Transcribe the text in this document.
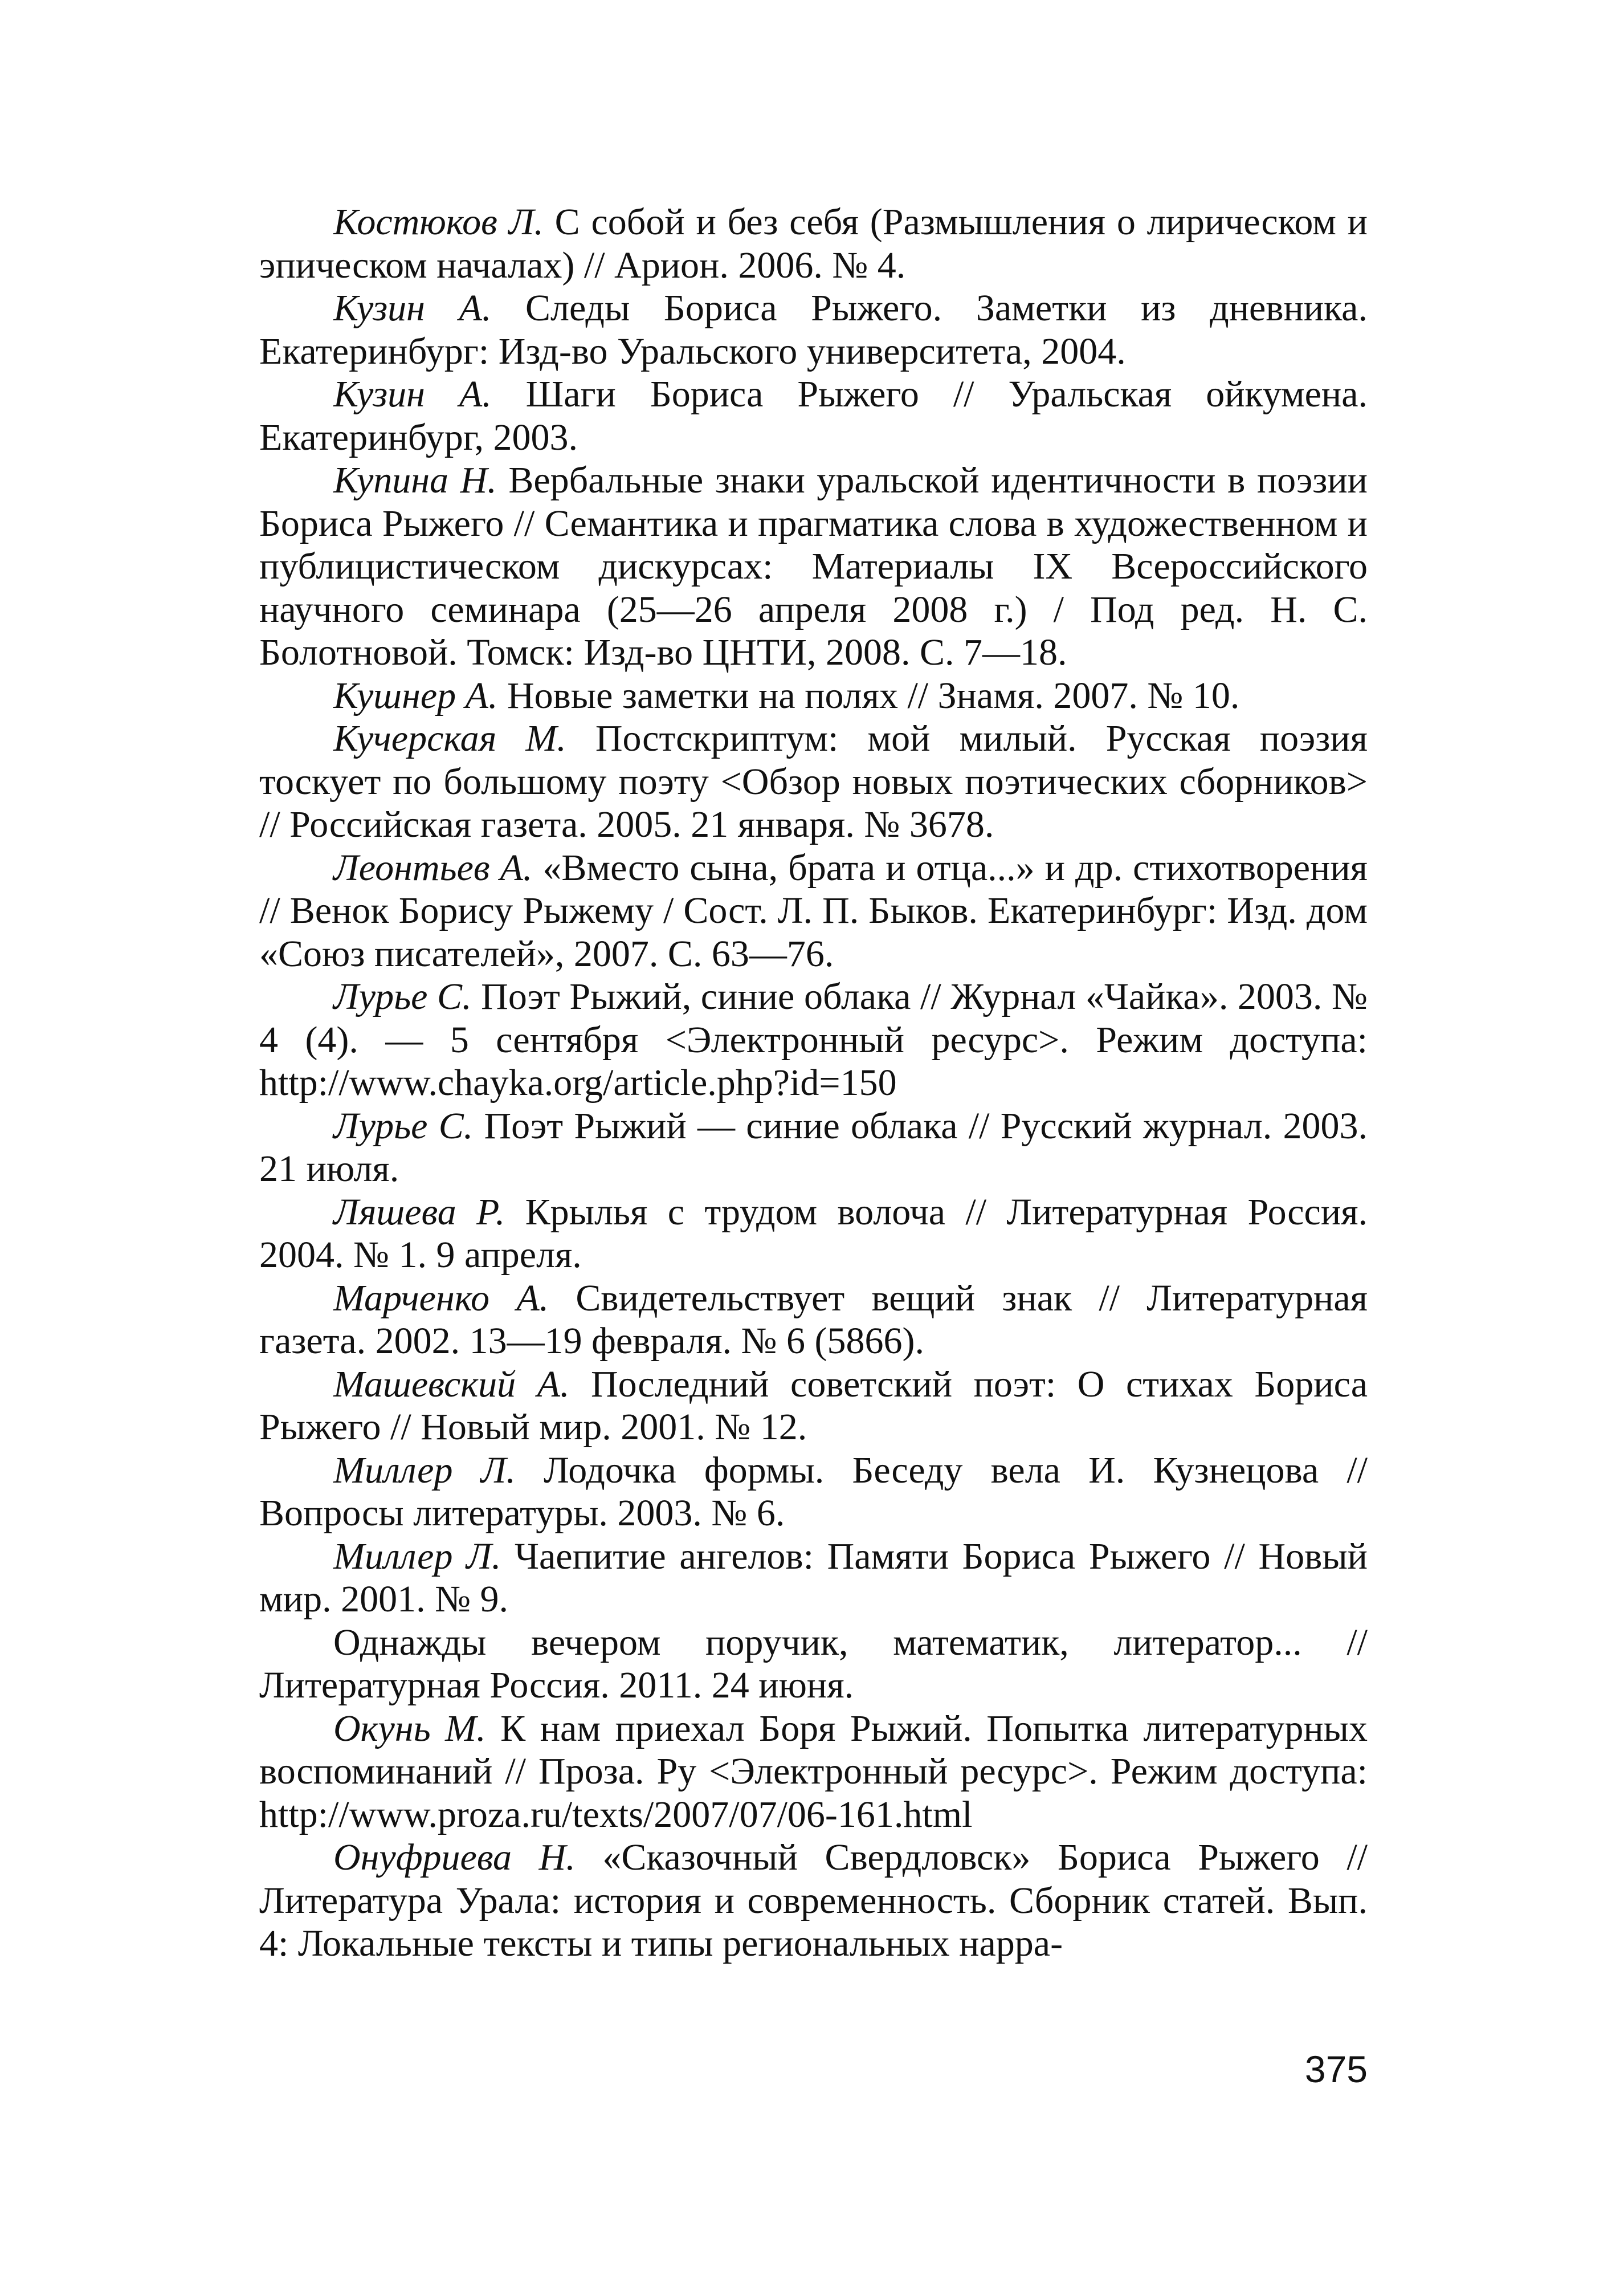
Костюков Л. С собой и без себя (Размышления о лирическом и эпическом началах) // Арион. 2006. № 4.

Кузин А. Следы Бориса Рыжего. Заметки из дневника. Екатеринбург: Изд-во Уральского университета, 2004.

Кузин А. Шаги Бориса Рыжего // Уральская ойкумена. Екатеринбург, 2003.

Купина Н. Вербальные знаки уральской идентичности в поэзии Бориса Рыжего // Семантика и прагматика слова в художественном и публицистическом дискурсах: Материалы IX Всероссийского научного семинара (25—26 апреля 2008 г.) / Под ред. Н. С. Болотновой. Томск: Изд-во ЦНТИ, 2008. С. 7—18.

Кушнер А. Новые заметки на полях // Знамя. 2007. № 10.

Кучерская М. Постскриптум: мой милый. Русская поэзия тоскует по большому поэту <Обзор новых поэтических сборников> // Российская газета. 2005. 21 января. № 3678.

Леонтьев А. «Вместо сына, брата и отца...» и др. стихотворения // Венок Борису Рыжему / Сост. Л. П. Быков. Екатеринбург: Изд. дом «Союз писателей», 2007. С. 63—76.

Лурье С. Поэт Рыжий, синие облака // Журнал «Чайка». 2003. № 4 (4). — 5 сентября <Электронный ресурс>. Режим доступа: http://www.chayka.org/article.php?id=150

Лурье С. Поэт Рыжий — синие облака // Русский журнал. 2003. 21 июля.

Ляшева Р. Крылья с трудом волоча // Литературная Россия. 2004. № 1. 9 апреля.

Марченко А. Свидетельствует вещий знак // Литературная газета. 2002. 13—19 февраля. № 6 (5866).

Машевский А. Последний советский поэт: О стихах Бориса Рыжего // Новый мир. 2001. № 12.

Миллер Л. Лодочка формы. Беседу вела И. Кузнецова // Вопросы литературы. 2003. № 6.

Миллер Л. Чаепитие ангелов: Памяти Бориса Рыжего // Новый мир. 2001. № 9.

Однажды вечером поручик, математик, литератор... // Литературная Россия. 2011. 24 июня.

Окунь М. К нам приехал Боря Рыжий. Попытка литературных воспоминаний // Проза. Ру <Электронный ресурс>. Режим доступа: http://www.proza.ru/texts/2007/07/06-161.html

Онуфриева Н. «Сказочный Свердловск» Бориса Рыжего // Литература Урала: история и современность. Сборник статей. Вып. 4: Локальные тексты и типы региональных нарра-

375
